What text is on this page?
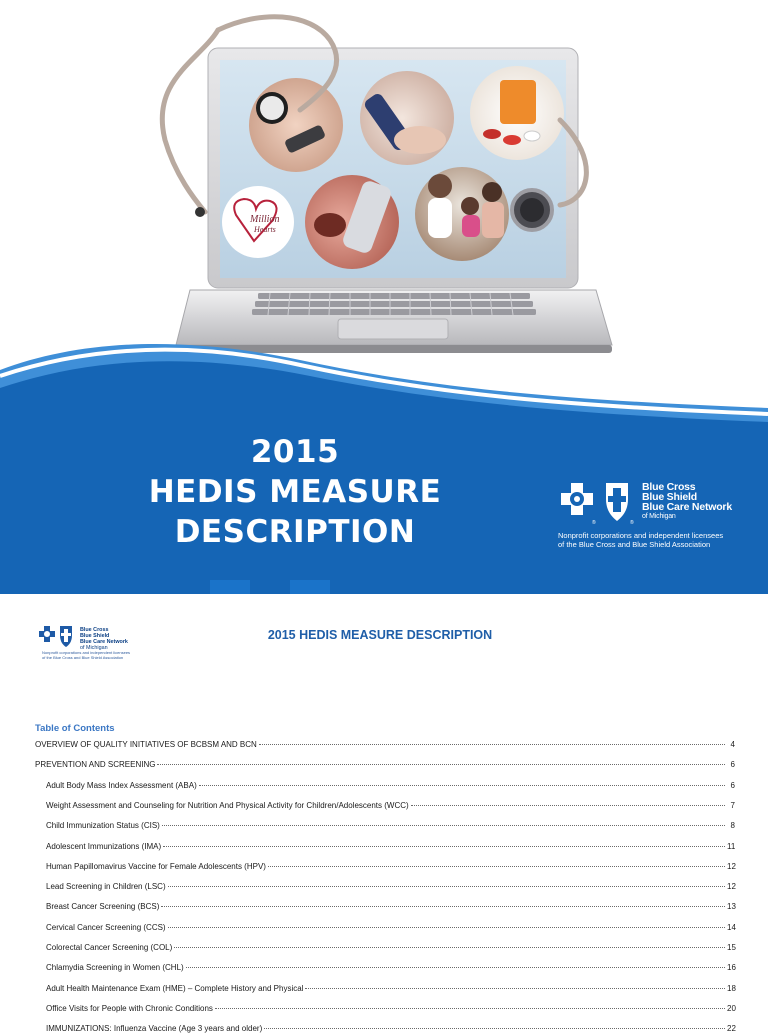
Million
Hearts
2015
HEDIS MEASURE
DESCRIPTION	®	®
Blue Cross
Blue Shield
Blue Care Network
of Michigan
Nonprofit corporations and independent licensees
of the Blue Cross and Blue Shield Association
Blue Cross
Blue Shield
Blue Care Network
of Michigan
Nonprofit corporations and independent licensees
of the Blue Cross and Blue Shield Association
2015 HEDIS MEASURE DESCRIPTION
Table of Contents
OVERVIEW OF QUALITY INITIATIVES OF BCBSM AND BCN	4
PREVENTION AND SCREENING	6
Adult Body Mass Index Assessment (ABA)	6
Weight Assessment and Counseling for Nutrition And Physical Activity for Children/Adolescents (WCC)	7
Child Immunization Status (CIS)	8
Adolescent Immunizations (IMA)	11
Human Papillomavirus Vaccine for Female Adolescents (HPV)	12
Lead Screening in Children (LSC)	12
Breast Cancer Screening (BCS)	13
Cervical Cancer Screening (CCS)	14
Colorectal Cancer Screening (COL)	15
Chlamydia Screening in Women (CHL)	16
Adult Health Maintenance Exam (HME) – Complete History and Physical	18
Office Visits for People with Chronic Conditions	20
IMMUNIZATIONS: Influenza Vaccine (Age 3 years and older)	22
